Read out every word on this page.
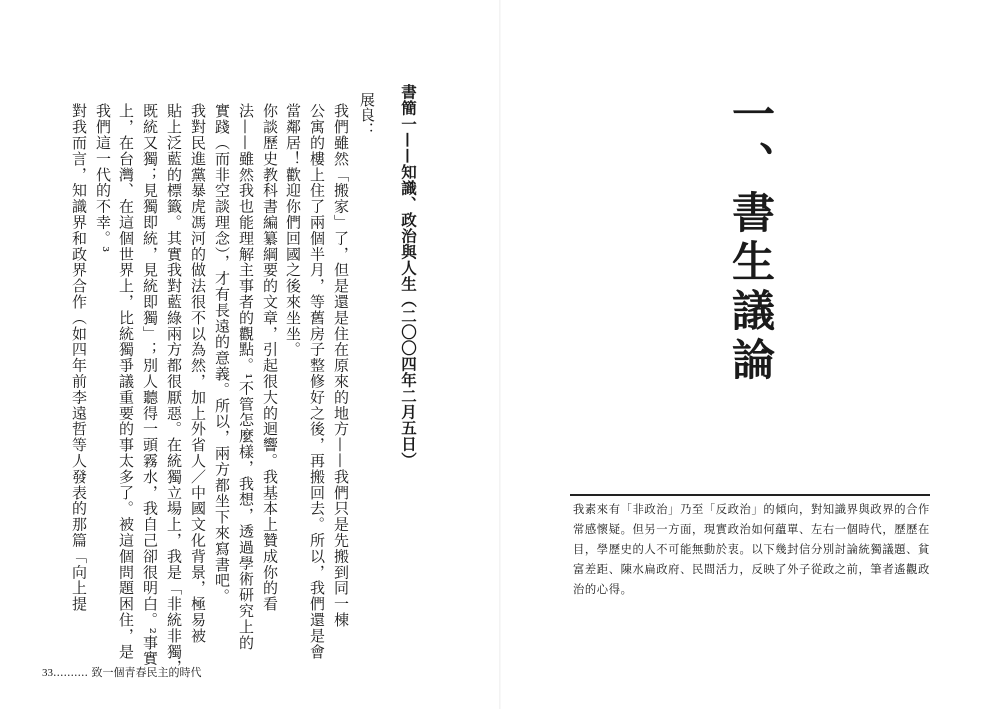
書簡一——知識、政治與人生（二〇〇四年二月五日）

展良：

我們雖然「搬家」了，但是還是住在原來的地方——我們只是先搬到同一棟

公寓的樓上住了兩個半月，等舊房子整修好之後，再搬回去。所以，我們還是會

當鄰居！歡迎你們回國之後來坐坐。

你談歷史教科書編纂綱要的文章，引起很大的迴響。我基本上贊成你的看

法——雖然我也能理解主事者的觀點。¹不管怎麼樣，我想，透過學術研究上的

實踐（而非空談理念），才有長遠的意義。所以，兩方都坐下來寫書吧。

我對民進黨暴虎馮河的做法很不以為然，加上外省人／中國文化背景，極易被

貼上泛藍的標籤。其實我對藍綠兩方都很厭惡。在統獨立場上，我是「非統非獨，

既統又獨；見獨即統，見統即獨」；別人聽得一頭霧水，我自己卻很明白。²事實

上，在台灣、在這個世界上，比統獨爭議重要的事太多了。被這個問題困住，是

我們這一代的不幸。³

對我而言，知識界和政界合作（如四年前李遠哲等人發表的那篇「向上提

33.......... 致一個青春民主的時代
一、書生議論
我素來有「非政治」乃至「反政治」的傾向，對知識界與政界的合作
常感懷疑。但另一方面，現實政治如何蘊單、左右一個時代，歷歷在
目，學歷史的人不可能無動於衷。以下幾封信分別討論統獨議題、貧
富差距、陳水扁政府、民間活力，反映了外子從政之前，筆者遙觀政
治的心得。
